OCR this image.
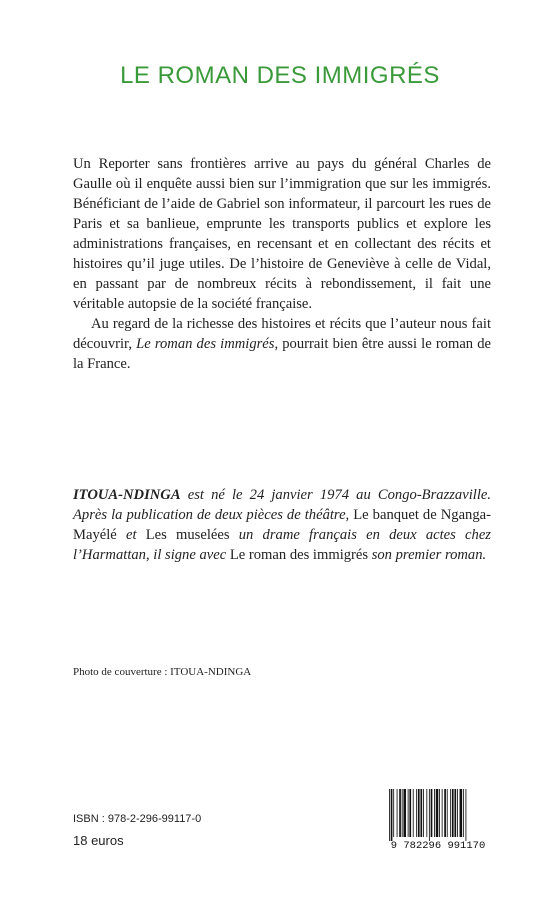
LE ROMAN DES IMMIGRÉS

Un Reporter sans frontières arrive au pays du général Charles de Gaulle où il enquête aussi bien sur l’immigration que sur les immigrés. Bénéficiant de l’aide de Gabriel son informateur, il parcourt les rues de Paris et sa banlieue, emprunte les transports publics et explore les administrations françaises, en recensant et en collectant des récits et histoires qu’il juge utiles. De l’histoire de Geneviève à celle de Vidal, en passant par de nombreux récits à rebondissement, il fait une véritable autopsie de la société française.

Au regard de la richesse des histoires et récits que l’auteur nous fait découvrir, Le roman des immigrés, pourrait bien être aussi le roman de la France.

ITOUA-NDINGA est né le 24 janvier 1974 au Congo-Brazzaville. Après la publication de deux pièces de théâtre, Le banquet de Nganga-Mayélé et Les muselées un drame français en deux actes chez l’Harmattan, il signe avec Le roman des immigrés son premier roman.
Photo de couverture : ITOUA-NDINGA
ISBN : 978-2-296-99117-0
18 euros	9 782296 991170
